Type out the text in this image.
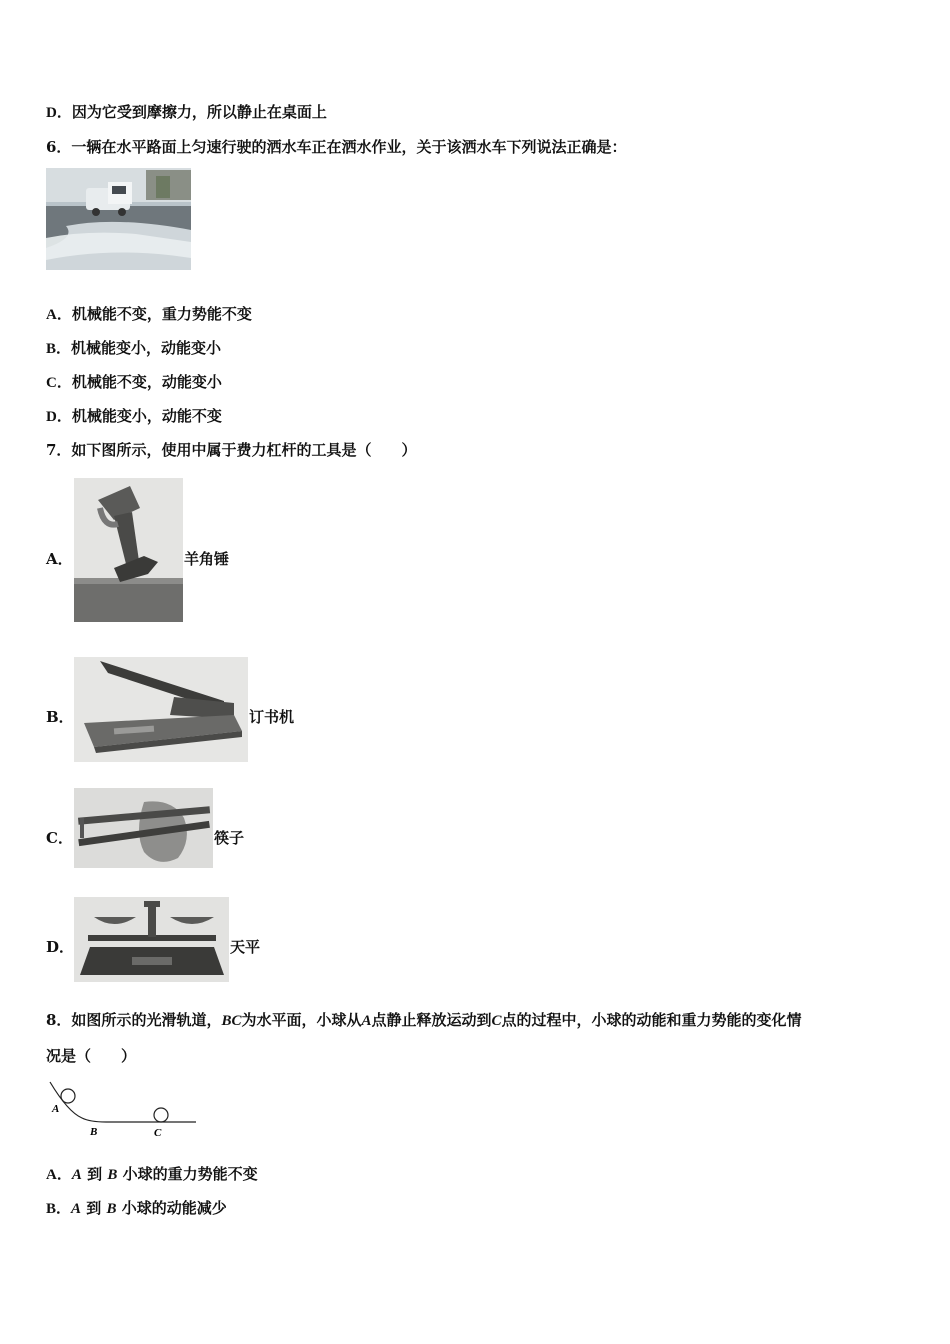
D．因为它受到摩擦力，所以静止在桌面上
6．一辆在水平路面上匀速行驶的洒水车正在洒水作业，关于该洒水车下列说法正确是：
A．机械能不变，重力势能不变
B．机械能变小，动能变小
C．机械能不变，动能变小
D．机械能变小，动能不变
7．如下图所示，使用中属于费力杠杆的工具是（　　）
A．	羊角锤
B．	订书机
C．	筷子
D．	天平
8．如图所示的光滑轨道，BC为水平面，小球从A点静止释放运动到C点的过程中，小球的动能和重力势能的变化情
况是（　　）
A
B	C
A．A 到 B 小球的重力势能不变
B．A 到 B 小球的动能减少
